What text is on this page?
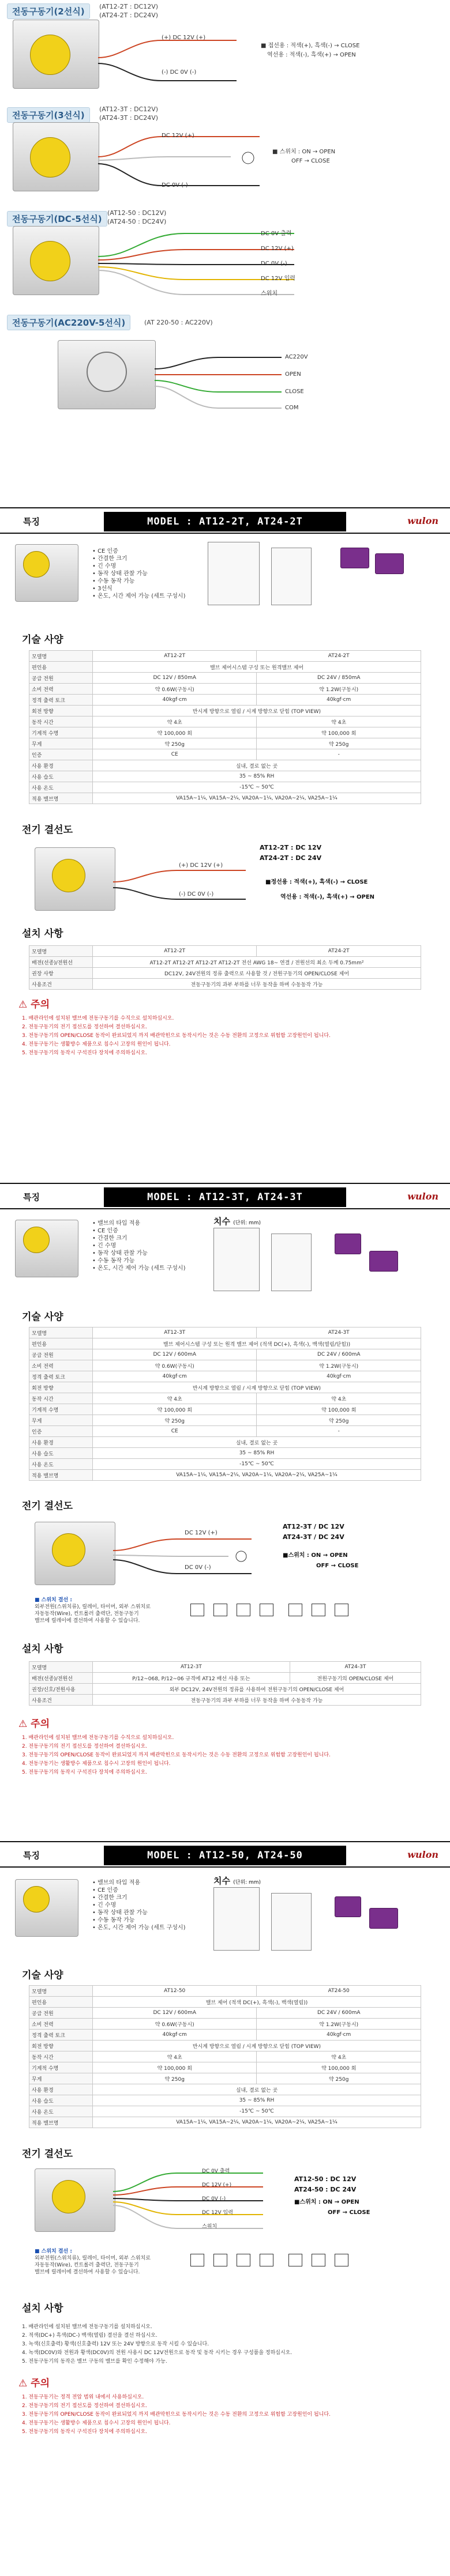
전동구동기(2선식)	(AT12-2T : DC12V)
(AT24-2T : DC24V)
(+) DC 12V (+)
(-) DC 0V (-)
■ 접선용 : 적색(+), 흑색(-) → CLOSE
역선용 : 적색(-), 흑색(+) → OPEN
전동구동기(3선식)
(AT12-3T : DC12V)
(AT24-3T : DC24V)
DC 12V (+)
DC 0V (-)
■ 스위치 : ON → OPEN
OFF → CLOSE
전동구동기(DC-5선식)
(AT12-50 : DC12V)
(AT24-50 : DC24V)
DC 0V 출력
DC 12V (+)
DC 0V (-)
DC 12V 입력
스위치
전동구동기(AC220V-5선식)	(AT 220-50 : AC220V)
AC220V
OPEN
CLOSE
COM
특징	MODEL : AT12-2T, AT24-2T	wulon
• CE 인증
• 간결한 크기
• 긴 수명
• 동작 상태 관찰 가능
• 수동 동작 가능
• 3선식
• 온도, 시간 제어 가능 (세트 구성시)
기술 사양
모델명	AT12-2T	AT24-2T
편인용	밸브 제어시스템 구성 또는 원격밸브 제어	
공급 전원	DC 12V / 850mA	DC 24V / 850mA
소비 전력	약 0.6W(구동시)	약 1.2W(구동시)
정격 출력 토크	40kgf·cm	40kgf·cm
회전 방향	반시계 방향으로 열림 / 시계 방향으로 닫힘 (TOP VIEW)	
동작 시간	약 4초	약 4초
기계적 수명	약 100,000 회	약 100,000 회
무게	약 250g	약 250g
인증	CE	-
사용 환경	실내, 결로 없는 곳	
사용 습도	35 ~ 85% RH	
사용 온도	-15℃ ~ 50℃	
적용 밸브명	VA15A~1¼, VA15A~2¼, VA20A~1¼, VA20A~2¼, VA25A~1¼	
전기 결선도
(+) DC 12V (+)
(-) DC 0V (-)
AT12-2T : DC 12V
AT24-2T : DC 24V
■정선용 : 적색(+), 흑색(-) → CLOSE
역선용 : 적색(-), 흑색(+) → OPEN
설치 사항
모델명	AT12-2T	AT24-2T
배전(선종)/전원선	AT12-2T AT12-2T AT12-2T AT12-2T 전선 AWG 18~ 연결 / 전원선의 최소 두께 0.75mm²	
권장 사항	DC12V, 24V전원의 정류 출력으로 사용할 것 / 전원구동기의 OPEN/CLOSE 제어	
사용조건	전동구동기의 과부 부하를 너무 동작을 하며 수동동작 가능	
⚠ 주의
1. 배관라인에 설치된 밸브에 전동구동기를 수직으로 설치하십시오.
2. 전동구동기의 전기 접선도를 정선하여 결선하십시오.
3. 전동구동기의 OPEN/CLOSE 동작이 완료되었지 까지 배관막힌으로 동작시키는 것은 수동 전환의 고정으로 위험함 고장원인이 됩니다.
4. 전동구동기는 생활방수 제품으로 침수시 고장의 원인이 됩니다.
5. 전동구동기의 동작시 구석진다 장치에 주의하십시오.
특징	MODEL : AT12-3T, AT24-3T	wulon
• 밸브의 타입 적용
• CE 인증
• 간결한 크기
• 긴 수명
• 동작 상태 관찰 가능
• 수동 동작 가능
• 온도, 시간 제어 가능 (세트 구성시)
치수 (단위: mm)
기술 사양
모델명	AT12-3T	AT24-3T
편인용	밸브 제어시스템 구성 또는 원격 밸브 제어 (적색 DC(+), 흑색(-), 백색(열림/닫힘))	
공급 전원	DC 12V / 600mA	DC 24V / 600mA
소비 전력	약 0.6W(구동시)	약 1.2W(구동시)
정격 출력 토크	40kgf·cm	40kgf·cm
회전 방향	반시계 방향으로 열림 / 시계 방향으로 닫힘 (TOP VIEW)	
동작 시간	약 4초	약 4초
기계적 수명	약 100,000 회	약 100,000 회
무게	약 250g	약 250g
인증	CE	-
사용 환경	실내, 결로 없는 곳	
사용 습도	35 ~ 85% RH	
사용 온도	-15℃ ~ 50℃	
적용 밸브명	VA15A~1¼, VA15A~2¼, VA20A~1¼, VA20A~2¼, VA25A~1¼	
전기 결선도
DC 12V (+)
DC 0V (-)
AT12-3T / DC 12V
AT24-3T / DC 24V
■스위치 : ON → OPEN
OFF → CLOSE
■ 스위치 결선 :
외부전원(스위치류), 릴레이, 타이머, 외부 스위치로
자동동작(Wire), 컨트롤러 출력단, 전동구동기
밸브에 릴레이에 결선하여 사용할 수 있습니다.
설치 사항
모델명	AT12-3T	AT24-3T
배전(선종)/전원선	P/12~068, P/12~06 규격에 AT12 배선 사용 또는	전원구동기의 OPEN/CLOSE 제어
권장/신호/전원사용	외부 DC12V, 24V전원의 정류를 사용하여 전원구동기의 OPEN/CLOSE 제어	
사용조건	전동구동기의 과부 부하를 너무 동작을 하며 수동동작 가능	
⚠ 주의
1. 배관라인에 설치된 밸브에 전동구동기를 수직으로 설치하십시오.
2. 전동구동기의 전기 접선도를 정선하여 결선하십시오.
3. 전동구동기의 OPEN/CLOSE 동작이 완료되었지 까지 배관막힌으로 동작시키는 것은 수동 전환의 고정으로 위험함 고장원인이 됩니다.
4. 전동구동기는 생활방수 제품으로 침수시 고장의 원인이 됩니다.
5. 전동구동기의 동작시 구석진다 장치에 주의하십시오.
특징	MODEL : AT12-50, AT24-50	wulon
• 밸브의 타입 적용
• CE 인증
• 간결한 크기
• 긴 수명
• 동작 상태 관찰 가능
• 수동 동작 가능
• 온도, 시간 제어 가능 (세트 구성시)
치수 (단위: mm)
기술 사양
모델명	AT12-50	AT24-50
편인용	밸브 제어 (적색 DC(+), 흑색(-), 백색(열림))	
공급 전원	DC 12V / 600mA	DC 24V / 600mA
소비 전력	약 0.6W(구동시)	약 1.2W(구동시)
정격 출력 토크	40kgf·cm	40kgf·cm
회전 방향	반시계 방향으로 열림 / 시계 방향으로 닫힘 (TOP VIEW)	
동작 시간	약 4초	약 4초
기계적 수명	약 100,000 회	약 100,000 회
무게	약 250g	약 250g
사용 환경	실내, 결로 없는 곳	
사용 습도	35 ~ 85% RH	
사용 온도	-15℃ ~ 50℃	
적용 밸브명	VA15A~1¼, VA15A~2¼, VA20A~1¼, VA20A~2¼, VA25A~1¼	
전기 결선도
DC 0V 출력
DC 12V (+)
DC 0V (-)
DC 12V 입력
스위치
AT12-50 : DC 12V
AT24-50 : DC 24V
■스위치 : ON → OPEN
OFF → CLOSE
■ 스위치 결선 :
외부전원(스위치류), 릴레이, 타이머, 외부 스위치로
자동동작(Wire), 컨트롤러 출력단, 전동구동기
밸브에 릴레이에 결선하여 사용할 수 있습니다.
설치 사항
1. 배관라인에 설치된 밸브에 전동구동기를 설치하십시오.
2. 적색(DC+) 흑색(DC-) 백색(열림) 결선을 결선 하십시오.
3. 녹색(신호출력) 황색(신호출력) 12V 또는 24V 방향으로 동작 시킬 수 있습니다.
4. 녹색(DC0V)와 전원과 황색(DC0V)의 전원 사용시 DC 12V전원으로 동작 및 동작 시키는 경우 구성품을 정하십시오.
5. 전동구동기의 동작은 밸브 구동의 밸브를 확인 수정해야 가능.
⚠ 주의
1. 전동구동기는 정격 전압 범위 내에서 사용하십시오.
2. 전동구동기의 전기 접선도를 정선하여 결선하십시오.
3. 전동구동기의 OPEN/CLOSE 동작이 완료되었지 까지 배관막힌으로 동작시키는 것은 수동 전환의 고정으로 위험함 고장원인이 됩니다.
4. 전동구동기는 생활방수 제품으로 침수시 고장의 원인이 됩니다.
5. 전동구동기의 동작시 구석진다 장치에 주의하십시오.
